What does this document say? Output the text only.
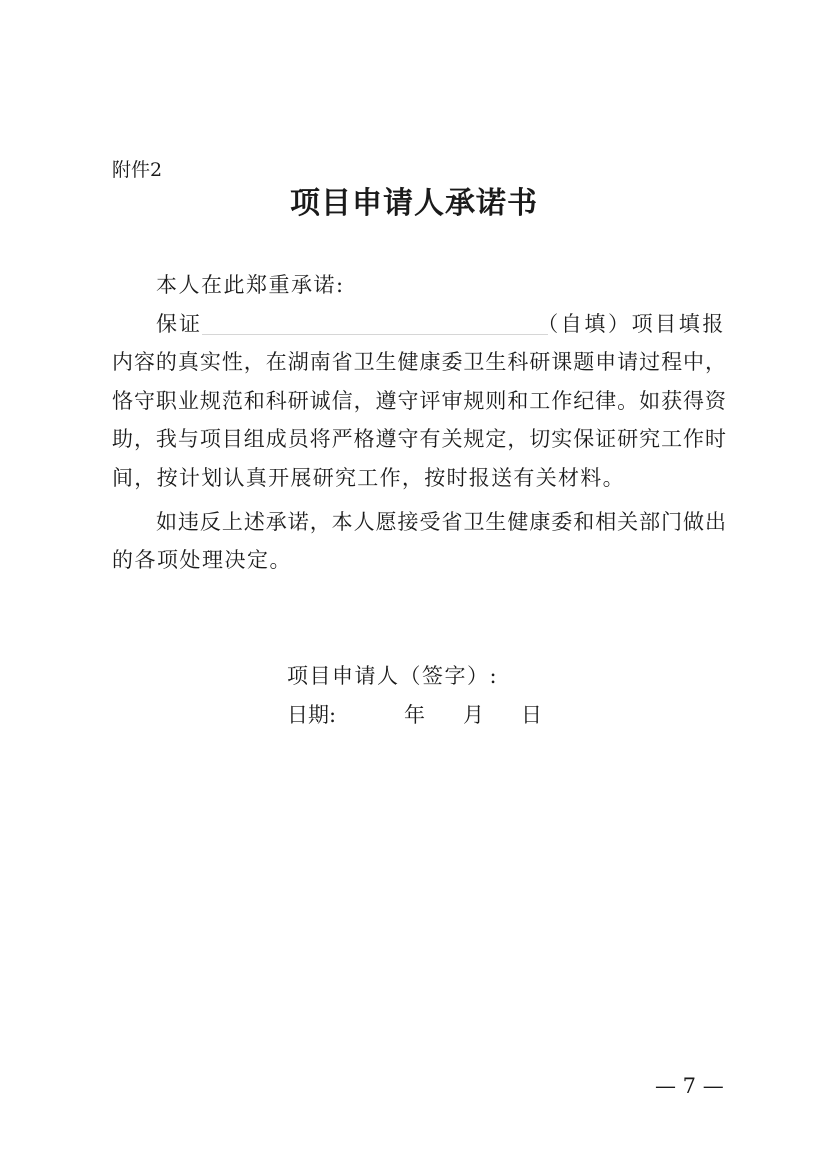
附件2
项目申请人承诺书
本人在此郑重承诺:
保证	（自填）项目填报
内容的真实性，在湖南省卫生健康委卫生科研课题申请过程中，
恪守职业规范和科研诚信，遵守评审规则和工作纪律。如获得资
助，我与项目组成员将严格遵守有关规定，切实保证研究工作时
间，按计划认真开展研究工作，按时报送有关材料。
如违反上述承诺，本人愿接受省卫生健康委和相关部门做出
的各项处理决定。
项目申请人（签字）:
日期:	年 月 日
— 7 —
